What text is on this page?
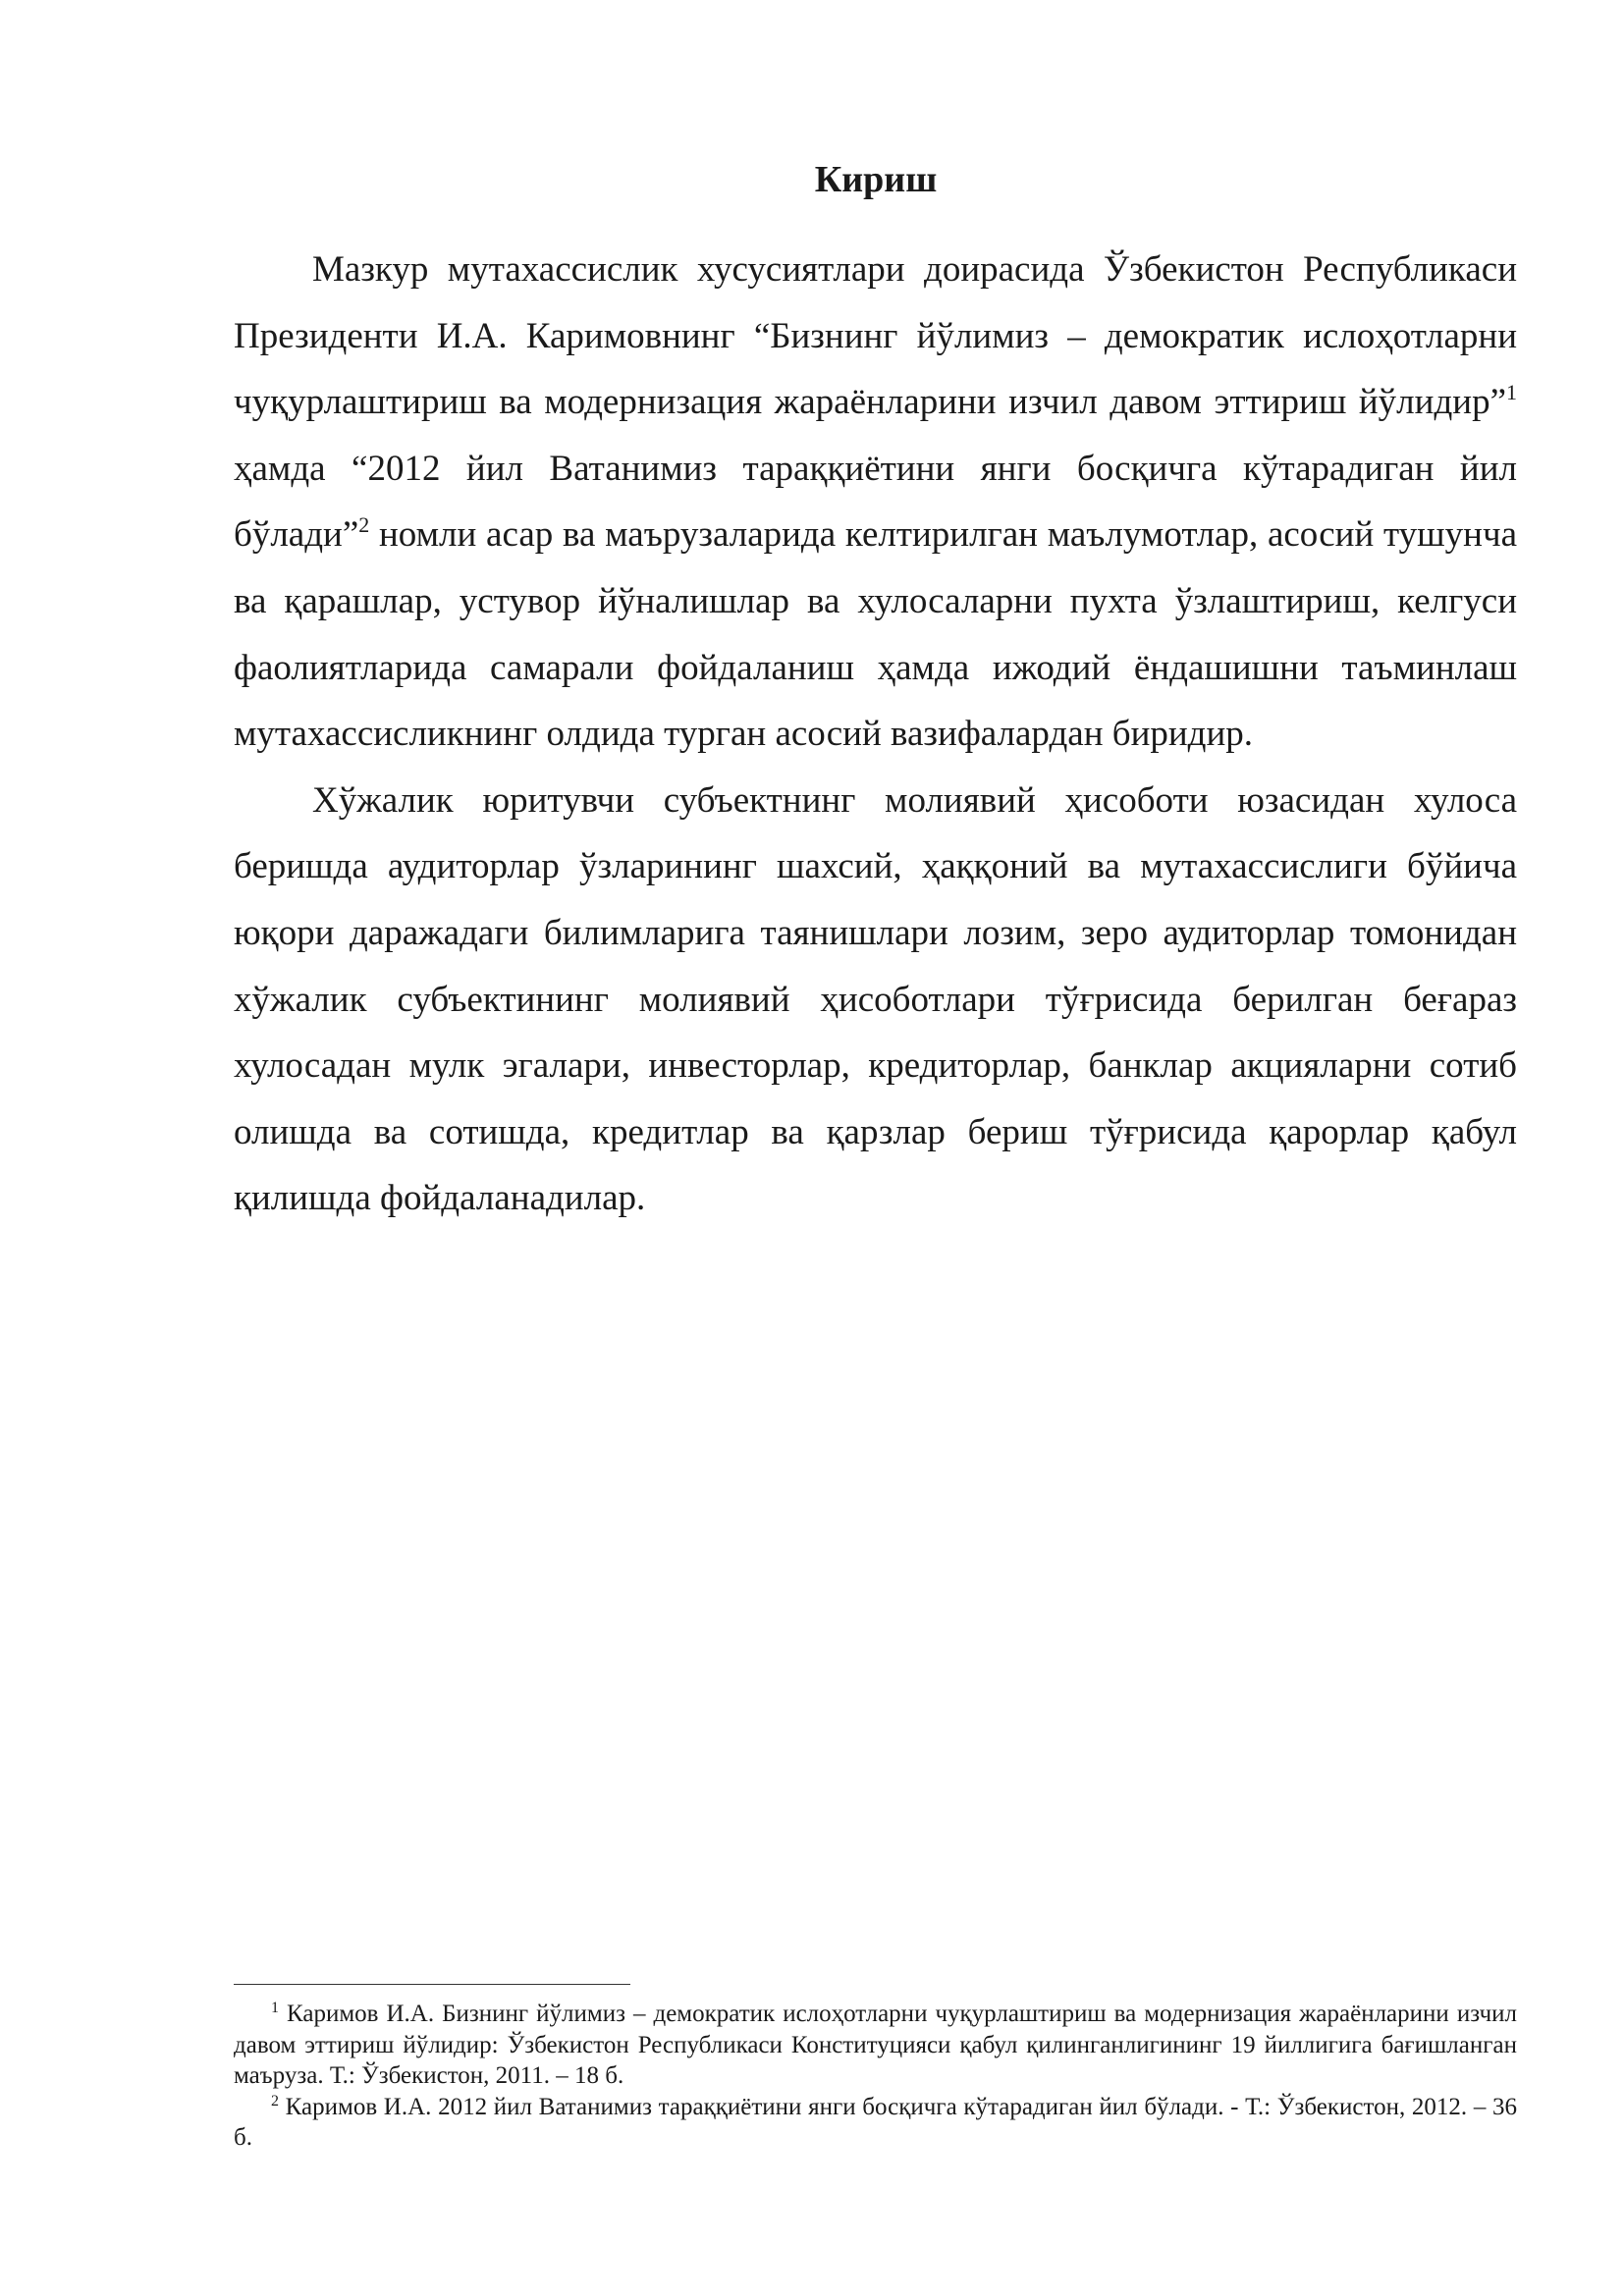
Кириш

Мазкур мутахассислик хусусиятлари доирасида Ўзбекистон Республикаси Президенти И.А. Каримовнинг “Бизнинг йўлимиз – демократик ислоҳотларни чуқурлаштириш ва модернизация жараёнларини изчил давом эттириш йўлидир”$^1$ ҳамда “2012 йил Ватанимиз тараққиётини янги босқичга кўтарадиган йил бўлади”$^2$ номли асар ва маърузаларида келтирилган маълумотлар, асосий тушунча ва қарашлар, устувор йўналишлар ва хулосаларни пухта ўзлаштириш, келгуси фаолиятларида самарали фойдаланиш ҳамда ижодий ёндашишни таъминлаш мутахассисликнинг олдида турган асосий вазифалардан биридир.

Хўжалик юритувчи субъектнинг молиявий ҳисоботи юзасидан хулоса беришда аудиторлар ўзларининг шахсий, ҳаққоний ва мутахассислиги бўйича юқори даражадаги билимларига таянишлари лозим, зеро аудиторлар томонидан хўжалик субъектининг молиявий ҳисоботлари тўғрисида берилган беғараз хулосадан мулк эгалари, инвесторлар, кредиторлар, банклар акцияларни сотиб олишда ва сотишда, кредитлар ва қарзлар бериш тўғрисида қарорлар қабул қилишда фойдаланадилар.

$^1$ Каримов И.А. Бизнинг йўлимиз – демократик ислоҳотларни чуқурлаштириш ва модернизация жараёнларини изчил давом эттириш йўлидир: Ўзбекистон Республикаси Конституцияси қабул қилинганлигининг 19 йиллигига бағишланган маъруза. Т.: Ўзбекистон, 2011. – 18 б.

$^2$ Каримов И.А. 2012 йил Ватанимиз тараққиётини янги босқичга кўтарадиган йил бўлади. - Т.: Ўзбекистон, 2012. – 36 б.
